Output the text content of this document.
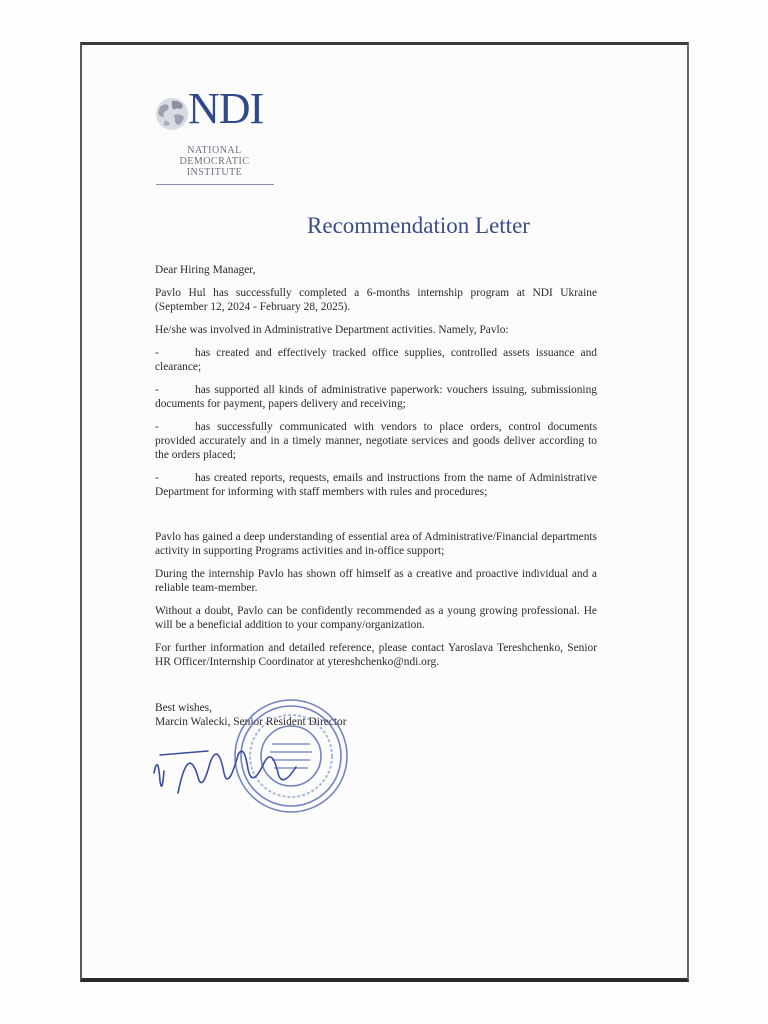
NDI
NATIONAL
DEMOCRATIC
INSTITUTE
Recommendation Letter

Dear Hiring Manager,

Pavlo Hul has successfully completed a 6-months internship program at NDI Ukraine (September 12, 2024 - February 28, 2025).

He/she was involved in Administrative Department activities. Namely, Pavlo:

-	has created and effectively tracked office supplies, controlled assets issuance and clearance;

-	has supported all kinds of administrative paperwork: vouchers issuing, submissioning documents for payment, papers delivery and receiving;

-	has successfully communicated with vendors to place orders, control documents provided accurately and in a timely manner, negotiate services and goods deliver according to the orders placed;

-	has created reports, requests, emails and instructions from the name of Administrative Department for informing with staff members with rules and procedures;

Pavlo has gained a deep understanding of essential area of Administrative/Financial departments activity in supporting Programs activities and in-office support;

During the internship Pavlo has shown off himself as a creative and proactive individual and a reliable team-member.

Without a doubt, Pavlo can be confidently recommended as a young growing professional. He will be a beneficial addition to your company/organization.

For further information and detailed reference, please contact Yaroslava Tereshchenko, Senior HR Officer/Internship Coordinator at ytereshchenko@ndi.org.

Best wishes,
Marcin Walecki, Senior Resident Director
